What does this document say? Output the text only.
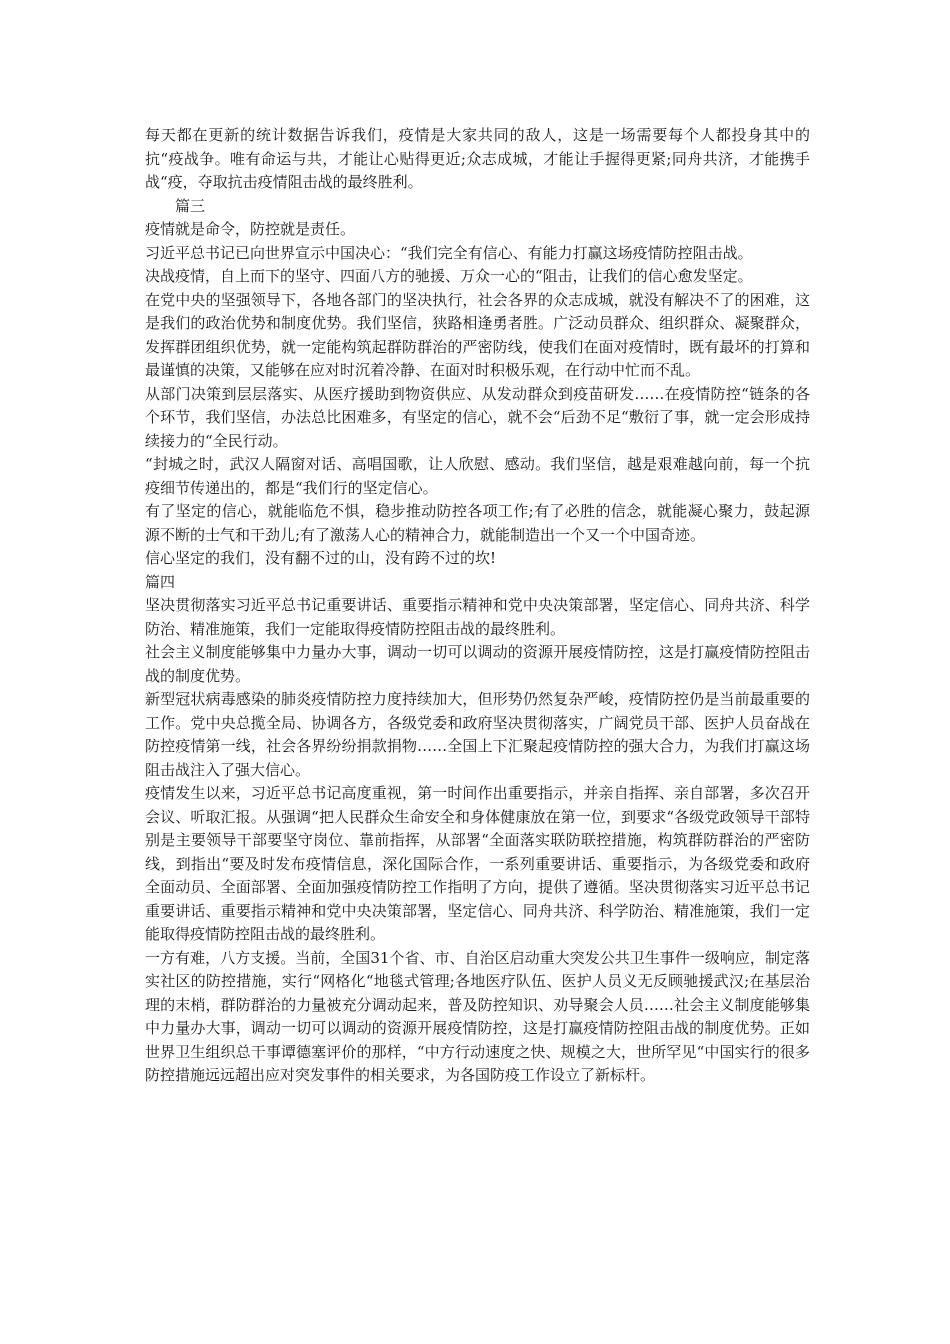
每天都在更新的统计数据告诉我们，疫情是大家共同的敌人，这是一场需要每个人都投身其中的抗“疫战争。唯有命运与共，才能让心贴得更近;众志成城，才能让手握得更紧;同舟共济，才能携手战“疫，夺取抗击疫情阻击战的最终胜利。

篇三

疫情就是命令，防控就是责任。

习近平总书记已向世界宣示中国决心：“我们完全有信心、有能力打赢这场疫情防控阻击战。

决战疫情，自上而下的坚守、四面八方的驰援、万众一心的“阻击，让我们的信心愈发坚定。

在党中央的坚强领导下，各地各部门的坚决执行，社会各界的众志成城，就没有解决不了的困难，这是我们的政治优势和制度优势。我们坚信，狭路相逢勇者胜。广泛动员群众、组织群众、凝聚群众，发挥群团组织优势，就一定能构筑起群防群治的严密防线，使我们在面对疫情时，既有最坏的打算和最谨慎的决策，又能够在应对时沉着冷静、在面对时积极乐观，在行动中忙而不乱。

从部门决策到层层落实、从医疗援助到物资供应、从发动群众到疫苗研发……在疫情防控“链条的各个环节，我们坚信，办法总比困难多，有坚定的信心，就不会“后劲不足“敷衍了事，就一定会形成持续接力的“全民行动。

“封城之时，武汉人隔窗对话、高唱国歌，让人欣慰、感动。我们坚信，越是艰难越向前，每一个抗疫细节传递出的，都是“我们行的坚定信心。

有了坚定的信心，就能临危不惧，稳步推动防控各项工作;有了必胜的信念，就能凝心聚力，鼓起源源不断的士气和干劲儿;有了激荡人心的精神合力，就能制造出一个又一个中国奇迹。

信心坚定的我们，没有翻不过的山，没有跨不过的坎!

篇四

坚决贯彻落实习近平总书记重要讲话、重要指示精神和党中央决策部署，坚定信心、同舟共济、科学防治、精准施策，我们一定能取得疫情防控阻击战的最终胜利。

社会主义制度能够集中力量办大事，调动一切可以调动的资源开展疫情防控，这是打赢疫情防控阻击战的制度优势。

新型冠状病毒感染的肺炎疫情防控力度持续加大，但形势仍然复杂严峻，疫情防控仍是当前最重要的工作。党中央总揽全局、协调各方，各级党委和政府坚决贯彻落实，广阔党员干部、医护人员奋战在防控疫情第一线，社会各界纷纷捐款捐物……全国上下汇聚起疫情防控的强大合力，为我们打赢这场阻击战注入了强大信心。

疫情发生以来，习近平总书记高度重视，第一时间作出重要指示，并亲自指挥、亲自部署，多次召开会议、听取汇报。从强调“把人民群众生命安全和身体健康放在第一位，到要求“各级党政领导干部特别是主要领导干部要坚守岗位、靠前指挥，从部署“全面落实联防联控措施，构筑群防群治的严密防线，到指出“要及时发布疫情信息，深化国际合作，一系列重要讲话、重要指示，为各级党委和政府全面动员、全面部署、全面加强疫情防控工作指明了方向，提供了遵循。坚决贯彻落实习近平总书记重要讲话、重要指示精神和党中央决策部署，坚定信心、同舟共济、科学防治、精准施策，我们一定能取得疫情防控阻击战的最终胜利。

一方有难，八方支援。当前，全国31个省、市、自治区启动重大突发公共卫生事件一级响应，制定落实社区的防控措施，实行“网格化“地毯式管理;各地医疗队伍、医护人员义无反顾驰援武汉;在基层治理的末梢，群防群治的力量被充分调动起来，普及防控知识、劝导聚会人员……社会主义制度能够集中力量办大事，调动一切可以调动的资源开展疫情防控，这是打赢疫情防控阻击战的制度优势。正如世界卫生组织总干事谭德塞评价的那样，“中方行动速度之快、规模之大，世所罕见“中国实行的很多防控措施远远超出应对突发事件的相关要求，为各国防疫工作设立了新标杆。
